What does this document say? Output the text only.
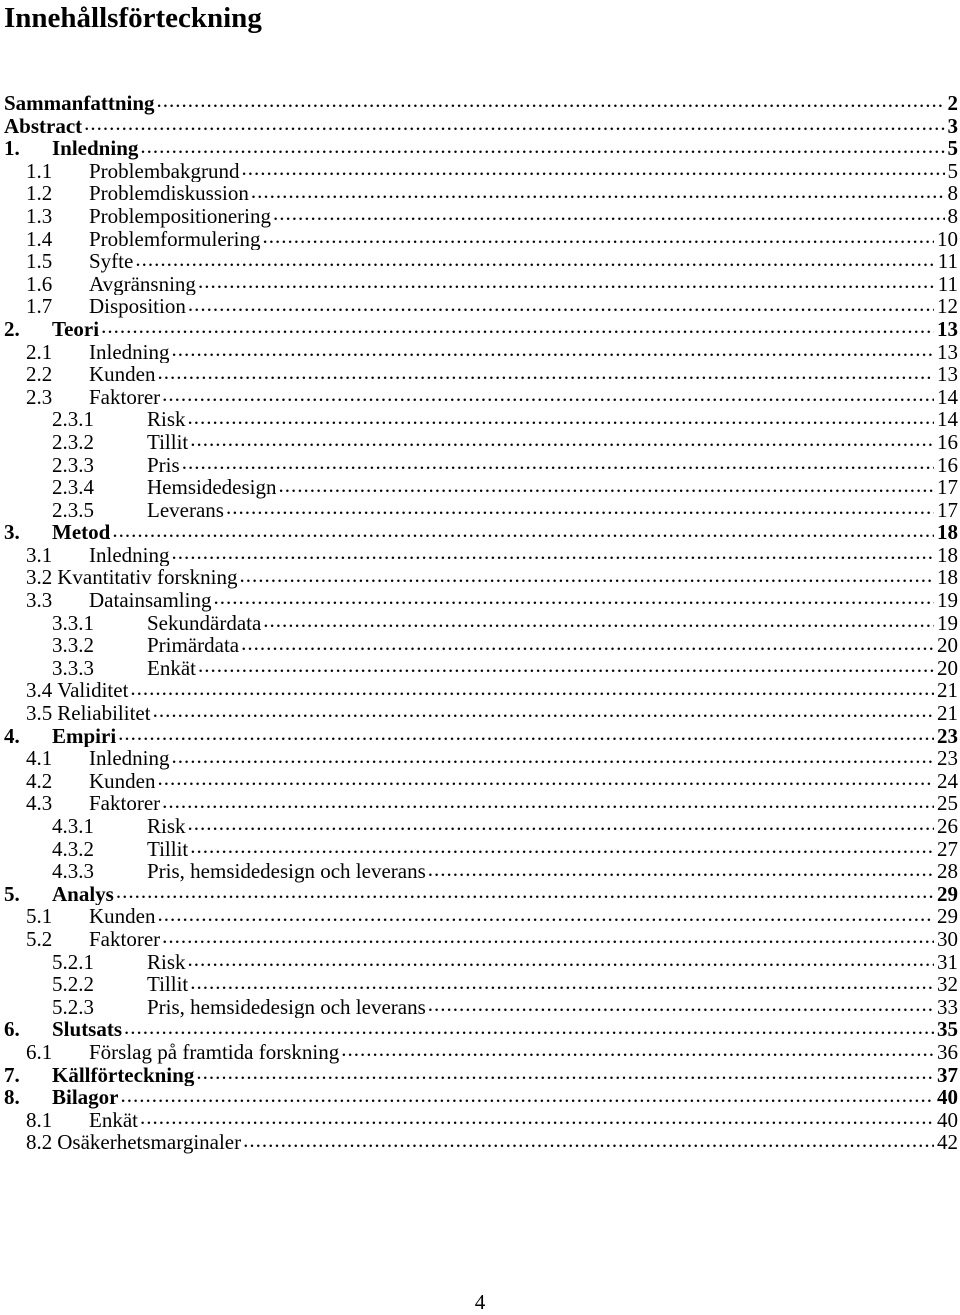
Innehållsförteckning
Sammanfattning .....	2
Abstract .....	3
1.	Inledning .....	5
1.1	Problembakgrund .....	5
1.2	Problemdiskussion .....	8
1.3	Problempositionering .....	8
1.4	Problemformulering .....	10
1.5	Syfte .....	11
1.6	Avgränsning .....	11
1.7	Disposition .....	12
2.	Teori .....	13
2.1	Inledning .....	13
2.2	Kunden .....	13
2.3	Faktorer .....	14
2.3.1	Risk .....	14
2.3.2	Tillit .....	16
2.3.3	Pris .....	16
2.3.4	Hemsidedesign .....	17
2.3.5	Leverans .....	17
3.	Metod .....	18
3.1	Inledning .....	18
3.2 Kvantitativ forskning .....	18
3.3	Datainsamling .....	19
3.3.1	Sekundärdata .....	19
3.3.2	Primärdata .....	20
3.3.3	Enkät .....	20
3.4 Validitet .....	21
3.5 Reliabilitet .....	21
4.	Empiri .....	23
4.1	Inledning .....	23
4.2	Kunden .....	24
4.3	Faktorer .....	25
4.3.1	Risk .....	26
4.3.2	Tillit .....	27
4.3.3	Pris, hemsidedesign och leverans .....	28
5.	Analys .....	29
5.1	Kunden .....	29
5.2	Faktorer .....	30
5.2.1	Risk .....	31
5.2.2	Tillit .....	32
5.2.3	Pris, hemsidedesign och leverans .....	33
6.	Slutsats .....	35
6.1	Förslag på framtida forskning .....	36
7.	Källförteckning .....	37
8.	Bilagor .....	40
8.1	Enkät .....	40
8.2 Osäkerhetsmarginaler .....	42
4
